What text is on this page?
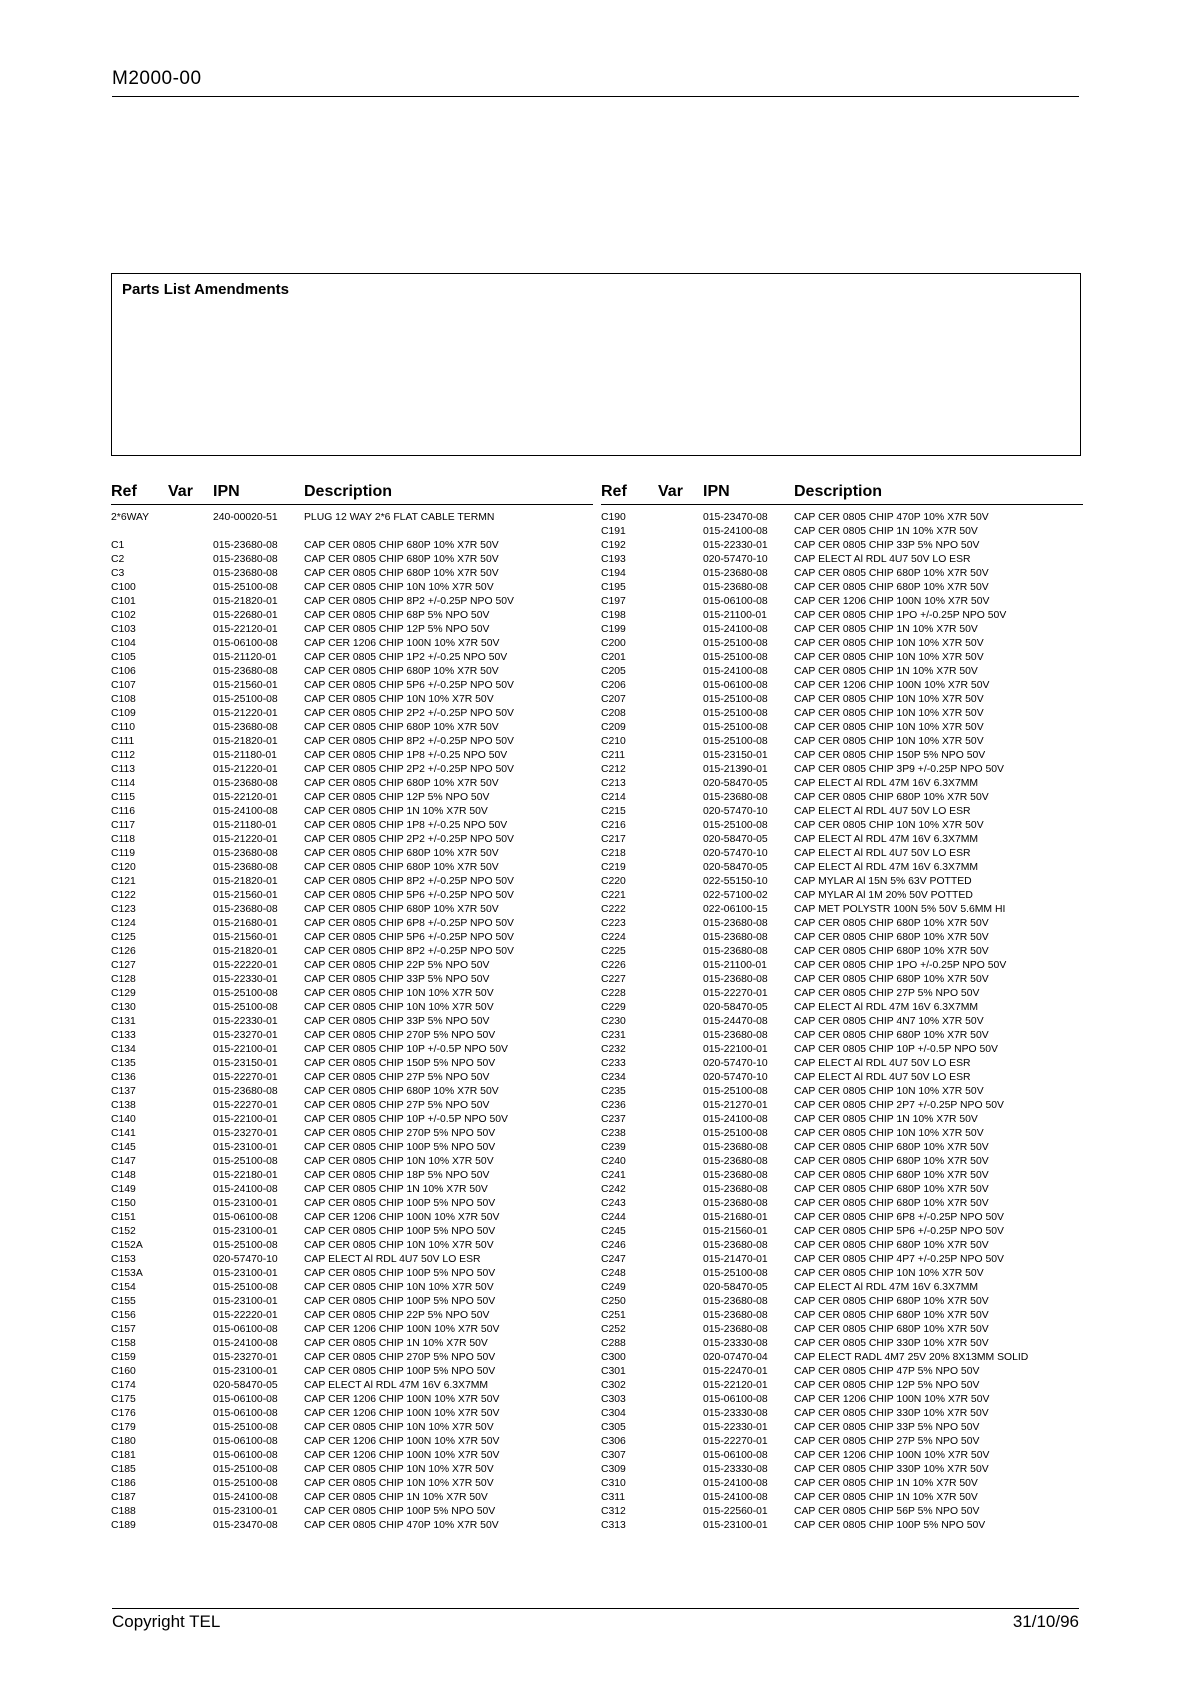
M2000-00
Parts List Amendments
Ref Var IPN	Description
2*6WAY	240-00020-51	PLUG 12 WAY 2*6 FLAT CABLE TERMN
C1	015-23680-08	CAP CER 0805 CHIP 680P 10% X7R 50V
C2	015-23680-08	CAP CER 0805 CHIP 680P 10% X7R 50V
C3	015-23680-08	CAP CER 0805 CHIP 680P 10% X7R 50V
C100	015-25100-08	CAP CER 0805 CHIP 10N 10% X7R 50V
C101	015-21820-01	CAP CER 0805 CHIP 8P2 +/-0.25P NPO 50V
C102	015-22680-01	CAP CER 0805 CHIP 68P 5% NPO 50V
C103	015-22120-01	CAP CER 0805 CHIP 12P 5% NPO 50V
C104	015-06100-08	CAP CER 1206 CHIP 100N 10% X7R 50V
C105	015-21120-01	CAP CER 0805 CHIP 1P2 +/-0.25 NPO 50V
C106	015-23680-08	CAP CER 0805 CHIP 680P 10% X7R 50V
C107	015-21560-01	CAP CER 0805 CHIP 5P6 +/-0.25P NPO 50V
C108	015-25100-08	CAP CER 0805 CHIP 10N 10% X7R 50V
C109	015-21220-01	CAP CER 0805 CHIP 2P2 +/-0.25P NPO 50V
C110	015-23680-08	CAP CER 0805 CHIP 680P 10% X7R 50V
C111	015-21820-01	CAP CER 0805 CHIP 8P2 +/-0.25P NPO 50V
C112	015-21180-01	CAP CER 0805 CHIP 1P8 +/-0.25 NPO 50V
C113	015-21220-01	CAP CER 0805 CHIP 2P2 +/-0.25P NPO 50V
C114	015-23680-08	CAP CER 0805 CHIP 680P 10% X7R 50V
C115	015-22120-01	CAP CER 0805 CHIP 12P 5% NPO 50V
C116	015-24100-08	CAP CER 0805 CHIP 1N 10% X7R 50V
C117	015-21180-01	CAP CER 0805 CHIP 1P8 +/-0.25 NPO 50V
C118	015-21220-01	CAP CER 0805 CHIP 2P2 +/-0.25P NPO 50V
C119	015-23680-08	CAP CER 0805 CHIP 680P 10% X7R 50V
C120	015-23680-08	CAP CER 0805 CHIP 680P 10% X7R 50V
C121	015-21820-01	CAP CER 0805 CHIP 8P2 +/-0.25P NPO 50V
C122	015-21560-01	CAP CER 0805 CHIP 5P6 +/-0.25P NPO 50V
C123	015-23680-08	CAP CER 0805 CHIP 680P 10% X7R 50V
C124	015-21680-01	CAP CER 0805 CHIP 6P8 +/-0.25P NPO 50V
C125	015-21560-01	CAP CER 0805 CHIP 5P6 +/-0.25P NPO 50V
C126	015-21820-01	CAP CER 0805 CHIP 8P2 +/-0.25P NPO 50V
C127	015-22220-01	CAP CER 0805 CHIP 22P 5% NPO 50V
C128	015-22330-01	CAP CER 0805 CHIP 33P 5% NPO 50V
C129	015-25100-08	CAP CER 0805 CHIP 10N 10% X7R 50V
C130	015-25100-08	CAP CER 0805 CHIP 10N 10% X7R 50V
C131	015-22330-01	CAP CER 0805 CHIP 33P 5% NPO 50V
C133	015-23270-01	CAP CER 0805 CHIP 270P 5% NPO 50V
C134	015-22100-01	CAP CER 0805 CHIP 10P +/-0.5P NPO 50V
C135	015-23150-01	CAP CER 0805 CHIP 150P 5% NPO 50V
C136	015-22270-01	CAP CER 0805 CHIP 27P 5% NPO 50V
C137	015-23680-08	CAP CER 0805 CHIP 680P 10% X7R 50V
C138	015-22270-01	CAP CER 0805 CHIP 27P 5% NPO 50V
C140	015-22100-01	CAP CER 0805 CHIP 10P +/-0.5P NPO 50V
C141	015-23270-01	CAP CER 0805 CHIP 270P 5% NPO 50V
C145	015-23100-01	CAP CER 0805 CHIP 100P 5% NPO 50V
C147	015-25100-08	CAP CER 0805 CHIP 10N 10% X7R 50V
C148	015-22180-01	CAP CER 0805 CHIP 18P 5% NPO 50V
C149	015-24100-08	CAP CER 0805 CHIP 1N 10% X7R 50V
C150	015-23100-01	CAP CER 0805 CHIP 100P 5% NPO 50V
C151	015-06100-08	CAP CER 1206 CHIP 100N 10% X7R 50V
C152	015-23100-01	CAP CER 0805 CHIP 100P 5% NPO 50V
C152A	015-25100-08	CAP CER 0805 CHIP 10N 10% X7R 50V
C153	020-57470-10	CAP ELECT Al RDL 4U7 50V LO ESR
C153A	015-23100-01	CAP CER 0805 CHIP 100P 5% NPO 50V
C154	015-25100-08	CAP CER 0805 CHIP 10N 10% X7R 50V
C155	015-23100-01	CAP CER 0805 CHIP 100P 5% NPO 50V
C156	015-22220-01	CAP CER 0805 CHIP 22P 5% NPO 50V
C157	015-06100-08	CAP CER 1206 CHIP 100N 10% X7R 50V
C158	015-24100-08	CAP CER 0805 CHIP 1N 10% X7R 50V
C159	015-23270-01	CAP CER 0805 CHIP 270P 5% NPO 50V
C160	015-23100-01	CAP CER 0805 CHIP 100P 5% NPO 50V
C174	020-58470-05	CAP ELECT Al RDL 47M 16V 6.3X7MM
C175	015-06100-08	CAP CER 1206 CHIP 100N 10% X7R 50V
C176	015-06100-08	CAP CER 1206 CHIP 100N 10% X7R 50V
C179	015-25100-08	CAP CER 0805 CHIP 10N 10% X7R 50V
C180	015-06100-08	CAP CER 1206 CHIP 100N 10% X7R 50V
C181	015-06100-08	CAP CER 1206 CHIP 100N 10% X7R 50V
C185	015-25100-08	CAP CER 0805 CHIP 10N 10% X7R 50V
C186	015-25100-08	CAP CER 0805 CHIP 10N 10% X7R 50V
C187	015-24100-08	CAP CER 0805 CHIP 1N 10% X7R 50V
C188	015-23100-01	CAP CER 0805 CHIP 100P 5% NPO 50V
C189	015-23470-08	CAP CER 0805 CHIP 470P 10% X7R 50V
Ref Var IPN	Description
C190	015-23470-08	CAP CER 0805 CHIP 470P 10% X7R 50V
C191	015-24100-08	CAP CER 0805 CHIP 1N 10% X7R 50V
C192	015-22330-01	CAP CER 0805 CHIP 33P 5% NPO 50V
C193	020-57470-10	CAP ELECT Al RDL 4U7 50V LO ESR
C194	015-23680-08	CAP CER 0805 CHIP 680P 10% X7R 50V
C195	015-23680-08	CAP CER 0805 CHIP 680P 10% X7R 50V
C197	015-06100-08	CAP CER 1206 CHIP 100N 10% X7R 50V
C198	015-21100-01	CAP CER 0805 CHIP 1PO +/-0.25P NPO 50V
C199	015-24100-08	CAP CER 0805 CHIP 1N 10% X7R 50V
C200	015-25100-08	CAP CER 0805 CHIP 10N 10% X7R 50V
C201	015-25100-08	CAP CER 0805 CHIP 10N 10% X7R 50V
C205	015-24100-08	CAP CER 0805 CHIP 1N 10% X7R 50V
C206	015-06100-08	CAP CER 1206 CHIP 100N 10% X7R 50V
C207	015-25100-08	CAP CER 0805 CHIP 10N 10% X7R 50V
C208	015-25100-08	CAP CER 0805 CHIP 10N 10% X7R 50V
C209	015-25100-08	CAP CER 0805 CHIP 10N 10% X7R 50V
C210	015-25100-08	CAP CER 0805 CHIP 10N 10% X7R 50V
C211	015-23150-01	CAP CER 0805 CHIP 150P 5% NPO 50V
C212	015-21390-01	CAP CER 0805 CHIP 3P9 +/-0.25P NPO 50V
C213	020-58470-05	CAP ELECT Al RDL 47M 16V 6.3X7MM
C214	015-23680-08	CAP CER 0805 CHIP 680P 10% X7R 50V
C215	020-57470-10	CAP ELECT Al RDL 4U7 50V LO ESR
C216	015-25100-08	CAP CER 0805 CHIP 10N 10% X7R 50V
C217	020-58470-05	CAP ELECT Al RDL 47M 16V 6.3X7MM
C218	020-57470-10	CAP ELECT Al RDL 4U7 50V LO ESR
C219	020-58470-05	CAP ELECT Al RDL 47M 16V 6.3X7MM
C220	022-55150-10	CAP MYLAR Al 15N 5% 63V POTTED
C221	022-57100-02	CAP MYLAR Al 1M 20% 50V POTTED
C222	022-06100-15	CAP MET POLYSTR 100N 5% 50V 5.6MM HI
C223	015-23680-08	CAP CER 0805 CHIP 680P 10% X7R 50V
C224	015-23680-08	CAP CER 0805 CHIP 680P 10% X7R 50V
C225	015-23680-08	CAP CER 0805 CHIP 680P 10% X7R 50V
C226	015-21100-01	CAP CER 0805 CHIP 1PO +/-0.25P NPO 50V
C227	015-23680-08	CAP CER 0805 CHIP 680P 10% X7R 50V
C228	015-22270-01	CAP CER 0805 CHIP 27P 5% NPO 50V
C229	020-58470-05	CAP ELECT Al RDL 47M 16V 6.3X7MM
C230	015-24470-08	CAP CER 0805 CHIP 4N7 10% X7R 50V
C231	015-23680-08	CAP CER 0805 CHIP 680P 10% X7R 50V
C232	015-22100-01	CAP CER 0805 CHIP 10P +/-0.5P NPO 50V
C233	020-57470-10	CAP ELECT Al RDL 4U7 50V LO ESR
C234	020-57470-10	CAP ELECT Al RDL 4U7 50V LO ESR
C235	015-25100-08	CAP CER 0805 CHIP 10N 10% X7R 50V
C236	015-21270-01	CAP CER 0805 CHIP 2P7 +/-0.25P NPO 50V
C237	015-24100-08	CAP CER 0805 CHIP 1N 10% X7R 50V
C238	015-25100-08	CAP CER 0805 CHIP 10N 10% X7R 50V
C239	015-23680-08	CAP CER 0805 CHIP 680P 10% X7R 50V
C240	015-23680-08	CAP CER 0805 CHIP 680P 10% X7R 50V
C241	015-23680-08	CAP CER 0805 CHIP 680P 10% X7R 50V
C242	015-23680-08	CAP CER 0805 CHIP 680P 10% X7R 50V
C243	015-23680-08	CAP CER 0805 CHIP 680P 10% X7R 50V
C244	015-21680-01	CAP CER 0805 CHIP 6P8 +/-0.25P NPO 50V
C245	015-21560-01	CAP CER 0805 CHIP 5P6 +/-0.25P NPO 50V
C246	015-23680-08	CAP CER 0805 CHIP 680P 10% X7R 50V
C247	015-21470-01	CAP CER 0805 CHIP 4P7 +/-0.25P NPO 50V
C248	015-25100-08	CAP CER 0805 CHIP 10N 10% X7R 50V
C249	020-58470-05	CAP ELECT Al RDL 47M 16V 6.3X7MM
C250	015-23680-08	CAP CER 0805 CHIP 680P 10% X7R 50V
C251	015-23680-08	CAP CER 0805 CHIP 680P 10% X7R 50V
C252	015-23680-08	CAP CER 0805 CHIP 680P 10% X7R 50V
C288	015-23330-08	CAP CER 0805 CHIP 330P 10% X7R 50V
C300	020-07470-04	CAP ELECT RADL 4M7 25V 20% 8X13MM SOLID
C301	015-22470-01	CAP CER 0805 CHIP 47P 5% NPO 50V
C302	015-22120-01	CAP CER 0805 CHIP 12P 5% NPO 50V
C303	015-06100-08	CAP CER 1206 CHIP 100N 10% X7R 50V
C304	015-23330-08	CAP CER 0805 CHIP 330P 10% X7R 50V
C305	015-22330-01	CAP CER 0805 CHIP 33P 5% NPO 50V
C306	015-22270-01	CAP CER 0805 CHIP 27P 5% NPO 50V
C307	015-06100-08	CAP CER 1206 CHIP 100N 10% X7R 50V
C309	015-23330-08	CAP CER 0805 CHIP 330P 10% X7R 50V
C310	015-24100-08	CAP CER 0805 CHIP 1N 10% X7R 50V
C311	015-24100-08	CAP CER 0805 CHIP 1N 10% X7R 50V
C312	015-22560-01	CAP CER 0805 CHIP 56P 5% NPO 50V
C313	015-23100-01	CAP CER 0805 CHIP 100P 5% NPO 50V
Copyright TEL	31/10/96
